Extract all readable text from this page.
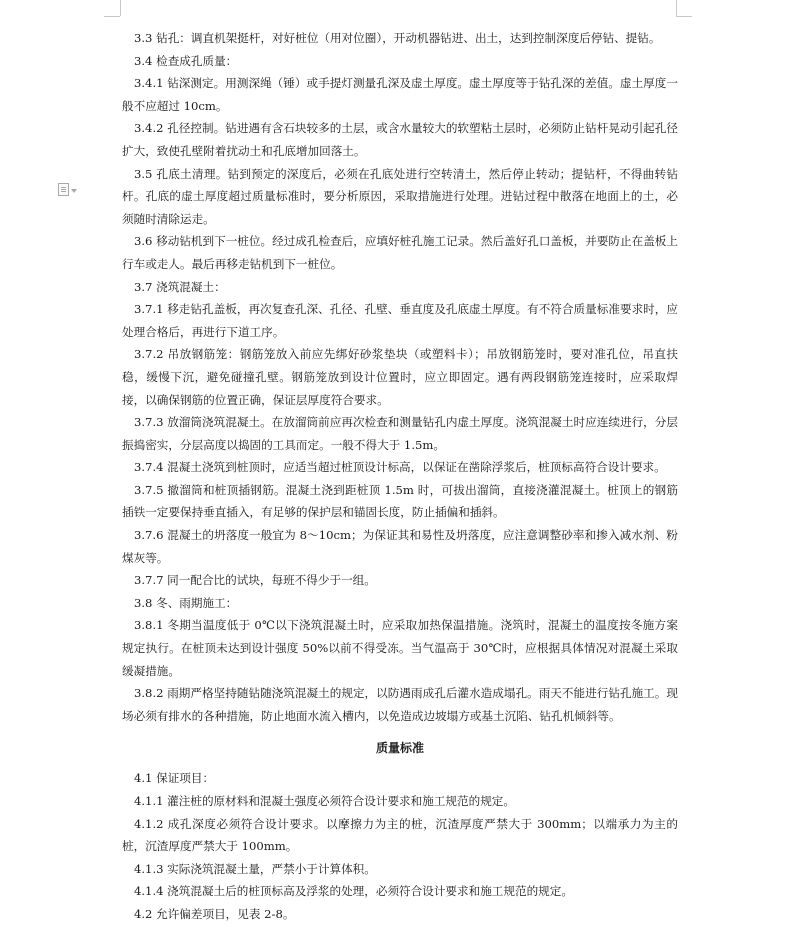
3.3 钻孔：调直机架挺杆，对好桩位（用对位圈），开动机器钻进、出土，达到控制深度后停钻、提钻。

3.4 检查成孔质量：

3.4.1 钻深测定。用测深绳（锤）或手提灯测量孔深及虚土厚度。虚土厚度等于钻孔深的差值。虚土厚度一般不应超过 10cm。

3.4.2 孔径控制。钻进遇有含石块较多的土层，或含水量较大的软塑粘土层时，必须防止钻杆晃动引起孔径扩大，致使孔壁附着扰动土和孔底增加回落土。

3.5 孔底土清理。钻到预定的深度后，必须在孔底处进行空转清土，然后停止转动；提钻杆，不得曲转钻杆。孔底的虚土厚度超过质量标准时，要分析原因，采取措施进行处理。进钻过程中散落在地面上的土，必须随时清除运走。

3.6 移动钻机到下一桩位。经过成孔检查后，应填好桩孔施工记录。然后盖好孔口盖板，并要防止在盖板上行车或走人。最后再移走钻机到下一桩位。

3.7 浇筑混凝土：

3.7.1 移走钻孔盖板，再次复查孔深、孔径、孔壁、垂直度及孔底虚土厚度。有不符合质量标准要求时，应处理合格后，再进行下道工序。

3.7.2 吊放钢筋笼：钢筋笼放入前应先绑好砂浆垫块（或塑料卡）；吊放钢筋笼时，要对准孔位，吊直扶稳，缓慢下沉，避免碰撞孔壁。钢筋笼放到设计位置时，应立即固定。遇有两段钢筋笼连接时，应采取焊接，以确保钢筋的位置正确，保证层厚度符合要求。

3.7.3 放溜筒浇筑混凝土。在放溜筒前应再次检查和测量钻孔内虚土厚度。浇筑混凝土时应连续进行，分层振捣密实，分层高度以捣固的工具而定。一般不得大于 1.5m。

3.7.4 混凝土浇筑到桩顶时，应适当超过桩顶设计标高，以保证在凿除浮浆后，桩顶标高符合设计要求。

3.7.5 撤溜筒和桩顶插钢筋。混凝土浇到距桩顶 1.5m 时，可拔出溜筒，直接浇灌混凝土。桩顶上的钢筋插铁一定要保持垂直插入，有足够的保护层和锚固长度，防止插偏和插斜。

3.7.6 混凝土的坍落度一般宜为 8～10cm；为保证其和易性及坍落度，应注意调整砂率和掺入减水剂、粉煤灰等。

3.7.7 同一配合比的试块，每班不得少于一组。

3.8 冬、雨期施工：

3.8.1 冬期当温度低于 0℃以下浇筑混凝土时，应采取加热保温措施。浇筑时，混凝土的温度按冬施方案规定执行。在桩顶未达到设计强度 50%以前不得受冻。当气温高于 30℃时，应根据具体情况对混凝土采取缓凝措施。

3.8.2 雨期严格坚持随钻随浇筑混凝土的规定，以防遇雨成孔后灌水造成塌孔。雨天不能进行钻孔施工。现场必须有排水的各种措施，防止地面水流入槽内，以免造成边坡塌方或基土沉陷、钻孔机倾斜等。

质量标准

4.1 保证项目：

4.1.1 灌注桩的原材料和混凝土强度必须符合设计要求和施工规范的规定。

4.1.2 成孔深度必须符合设计要求。以摩擦力为主的桩，沉渣厚度严禁大于 300mm；以端承力为主的桩，沉渣厚度严禁大于 100mm。

4.1.3 实际浇筑混凝土量，严禁小于计算体积。

4.1.4 浇筑混凝土后的桩顶标高及浮浆的处理，必须符合设计要求和施工规范的规定。

4.2 允许偏差项目，见表 2-8。
